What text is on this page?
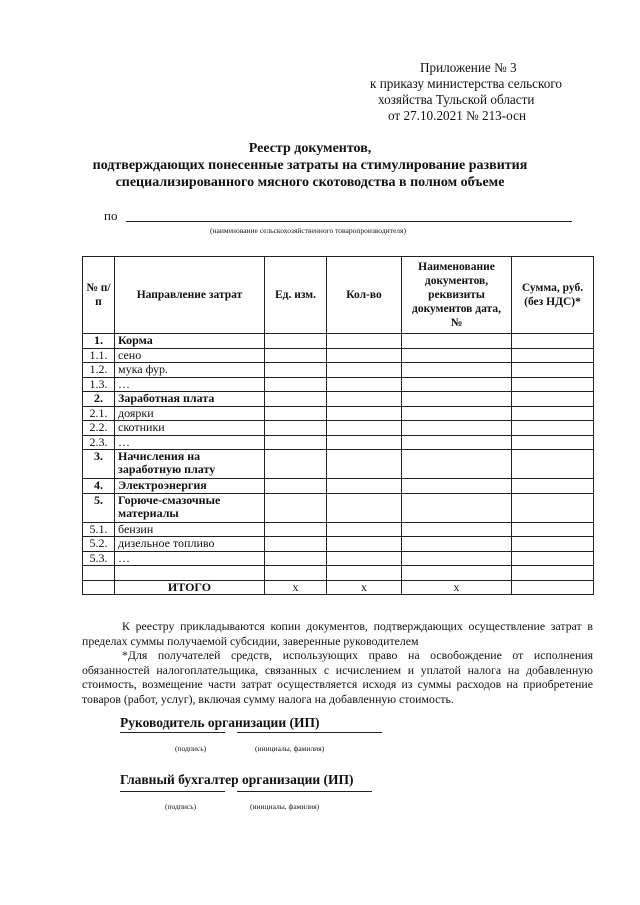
Приложение № 3
к приказу министерства сельского
хозяйства Тульской области
от 27.10.2021 № 213-осн
Реестр документов,
подтверждающих понесенные затраты на стимулирование развития
специализированного мясного скотоводства в полном объеме
по
(наименование сельскохозяйственного товаропроизводителя)
№ п/п	Направление затрат	Ед. изм.	Кол-во	Наименование документов, реквизиты документов дата, №	Сумма, руб. (без НДС)*
1.	Корма				
1.1.	сено				
1.2.	мука фур.				
1.3.	…				
2.	Заработная плата				
2.1.	доярки				
2.2.	скотники				
2.3.	…				
3.	Начисления на заработную плату				
4.	Электроэнергия				
5.	Горюче-смазочные материалы				
5.1.	бензин				
5.2.	дизельное топливо				
5.3.	…				

	ИТОГО	х	х	х	
К реестру прикладываются копии документов, подтверждающих осуществление затрат в пределах суммы получаемой субсидии, заверенные руководителем
*Для получателей средств, использующих право на освобождение от исполнения обязанностей налогоплательщика, связанных с исчислением и уплатой налога на добавленную стоимость, возмещение части затрат осуществляется исходя из суммы расходов на приобретение товаров (работ, услуг), включая сумму налога на добавленную стоимость.
Руководитель организации (ИП)
(подпись)	(инициалы, фамилия)
Главный бухгалтер организации (ИП)
(подпись)	(инициалы, фамилия)
